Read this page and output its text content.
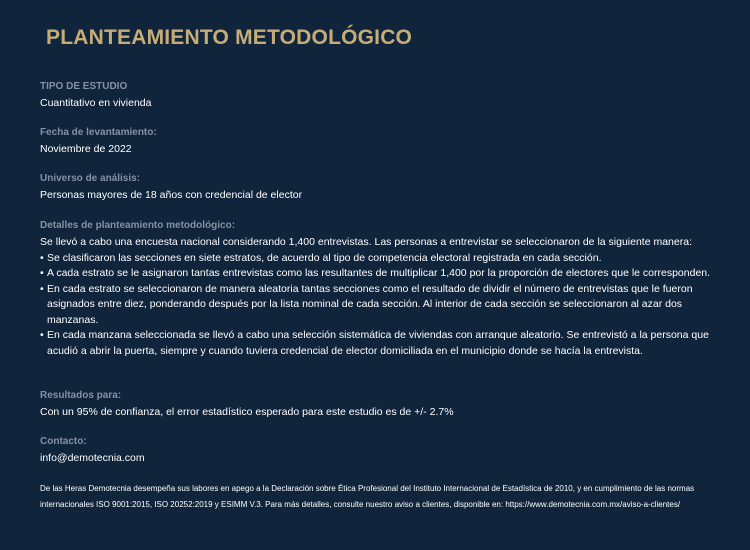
PLANTEAMIENTO METODOLÓGICO
TIPO DE ESTUDIO
Cuantitativo en vivienda
Fecha de levantamiento:
Noviembre de 2022
Universo de análisis:
Personas mayores de 18 años con credencial de elector
Detalles de planteamiento metodológico:
Se llevó a cabo una encuesta nacional considerando 1,400 entrevistas. Las personas a entrevistar se seleccionaron de la siguiente manera:
• Se clasificaron las secciones en siete estratos, de acuerdo al tipo de competencia electoral registrada en cada sección.
• A cada estrato se le asignaron tantas entrevistas como las resultantes de multiplicar 1,400 por la proporción de electores que le corresponden.
• En cada estrato se seleccionaron de manera aleatoria tantas secciones como el resultado de dividir el número de entrevistas que le fueron asignados entre diez, ponderando después por la lista nominal de cada sección. Al interior de cada sección se seleccionaron al azar dos manzanas.
• En cada manzana seleccionada se llevó a cabo una selección sistemática de viviendas con arranque aleatorio. Se entrevistó a la persona que acudió a abrir la puerta, siempre y cuando tuviera credencial de elector domiciliada en el municipio donde se hacía la entrevista.
Resultados para:
Con un 95% de confianza, el error estadístico esperado para este estudio es de +/- 2.7%
Contacto:
info@demotecnia.com
De las Heras Demotecnia desempeña sus labores en apego a la Declaración sobre Ética Profesional del Instituto Internacional de Estadística de 2010, y en cumplimiento de las normas internacionales ISO 9001:2015, ISO 20252:2019 y ESIMM V.3. Para más detalles, consulte nuestro aviso a clientes, disponible en: https://www.demotecnia.com.mx/aviso-a-clientes/
